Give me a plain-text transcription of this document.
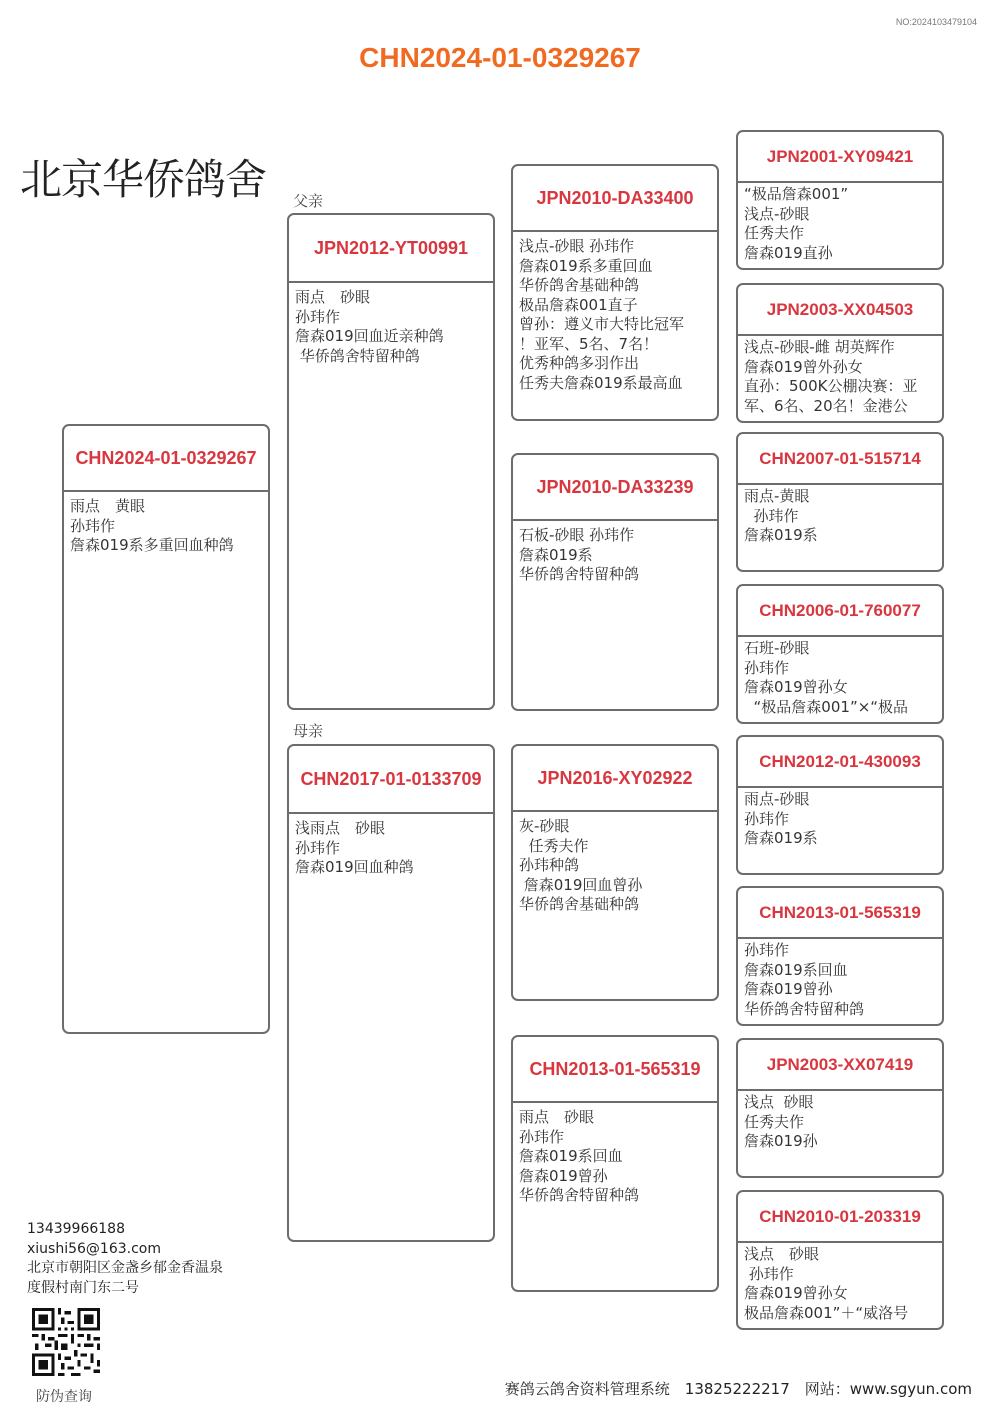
NO:2024103479104
CHN2024-01-0329267
北京华侨鸽舍 父亲
母亲
CHN2024-01-0329267
雨点　黄眼
孙玮作
詹森019系多重回血种鸽
JPN2012-YT00991
雨点　砂眼
孙玮作
詹森019回血近亲种鸽
华侨鸽舍特留种鸽
CHN2017-01-0133709
浅雨点　砂眼
孙玮作
詹森019回血种鸽
JPN2010-DA33400
浅点-砂眼 孙玮作
詹森019系多重回血
华侨鸽舍基础种鸽
极品詹森001直子
曾孙：遵义市大特比冠军
！亚军、5名、7名！
优秀种鸽多羽作出
任秀夫詹森019系最高血
JPN2010-DA33239
石板-砂眼 孙玮作
詹森019系
华侨鸽舍特留种鸽
JPN2016-XY02922
灰-砂眼
任秀夫作
孙玮种鸽
詹森019回血曾孙
华侨鸽舍基础种鸽
CHN2013-01-565319
雨点　砂眼
孙玮作
詹森019系回血
詹森019曾孙
华侨鸽舍特留种鸽
JPN2001-XY09421
“极品詹森001”
浅点-砂眼
任秀夫作
詹森019直孙
JPN2003-XX04503
浅点-砂眼-雌 胡英辉作
詹森019曾外孙女
直孙：500K公棚决赛：亚
军、6名、20名！金港公
CHN2007-01-515714
雨点-黄眼
孙玮作
詹森019系
CHN2006-01-760077
石班-砂眼
孙玮作
詹森019曾孙女
“极品詹森001”×“极品
CHN2012-01-430093
雨点-砂眼
孙玮作
詹森019系
CHN2013-01-565319
孙玮作
詹森019系回血
詹森019曾孙
华侨鸽舍特留种鸽
JPN2003-XX07419
浅点  砂眼
任秀夫作
詹森019孙
CHN2010-01-203319
浅点　砂眼
孙玮作
詹森019曾孙女
极品詹森001”＋“威洛号
13439966188
xiushi56@163.com
北京市朝阳区金盏乡郁金香温泉
度假村南门东二号
防伪查询	赛鸽云鸽舍资料管理系统　13825222217　网站：www.sgyun.com
